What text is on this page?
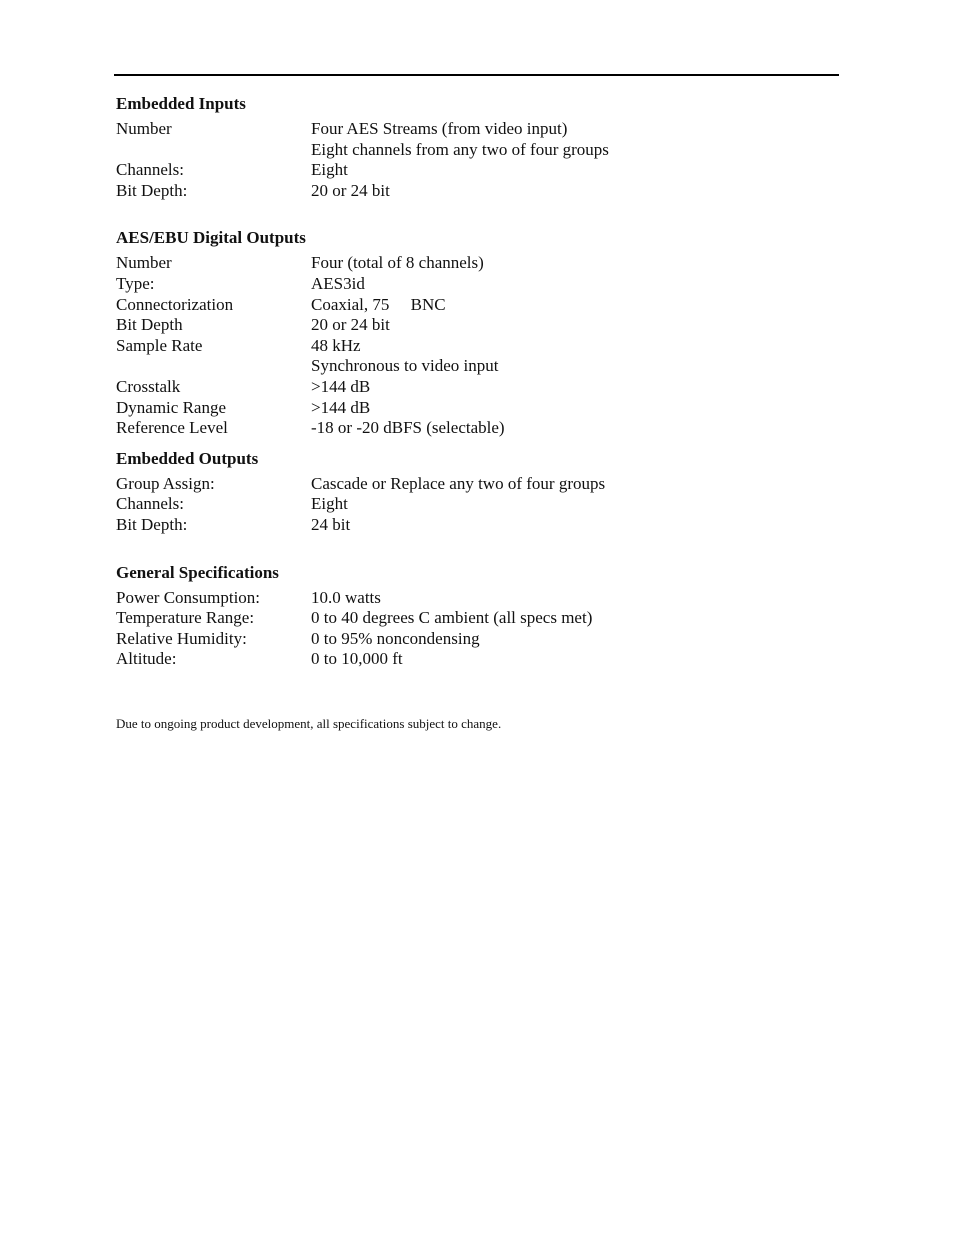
Embedded Inputs
Number	Four AES Streams (from video input)
Eight channels from any two of four groups
Channels:	Eight
Bit Depth:	20 or 24 bit
AES/EBU Digital Outputs
Number	Four (total of 8 channels)
Type:	AES3id
Connectorization	Coaxial, 75     BNC
Bit Depth	20 or 24 bit
Sample Rate	48 kHz
Synchronous to video input
Crosstalk	>144 dB
Dynamic Range	>144 dB
Reference Level	-18 or -20 dBFS (selectable)
Embedded Outputs
Group Assign:	Cascade or Replace any two of four groups
Channels:	Eight
Bit Depth:	24 bit
General Specifications
Power Consumption:	10.0 watts
Temperature Range:	0 to 40 degrees C ambient (all specs met)
Relative Humidity:	0 to 95% noncondensing
Altitude:	0 to 10,000 ft
Due to ongoing product development, all specifications subject to change.
